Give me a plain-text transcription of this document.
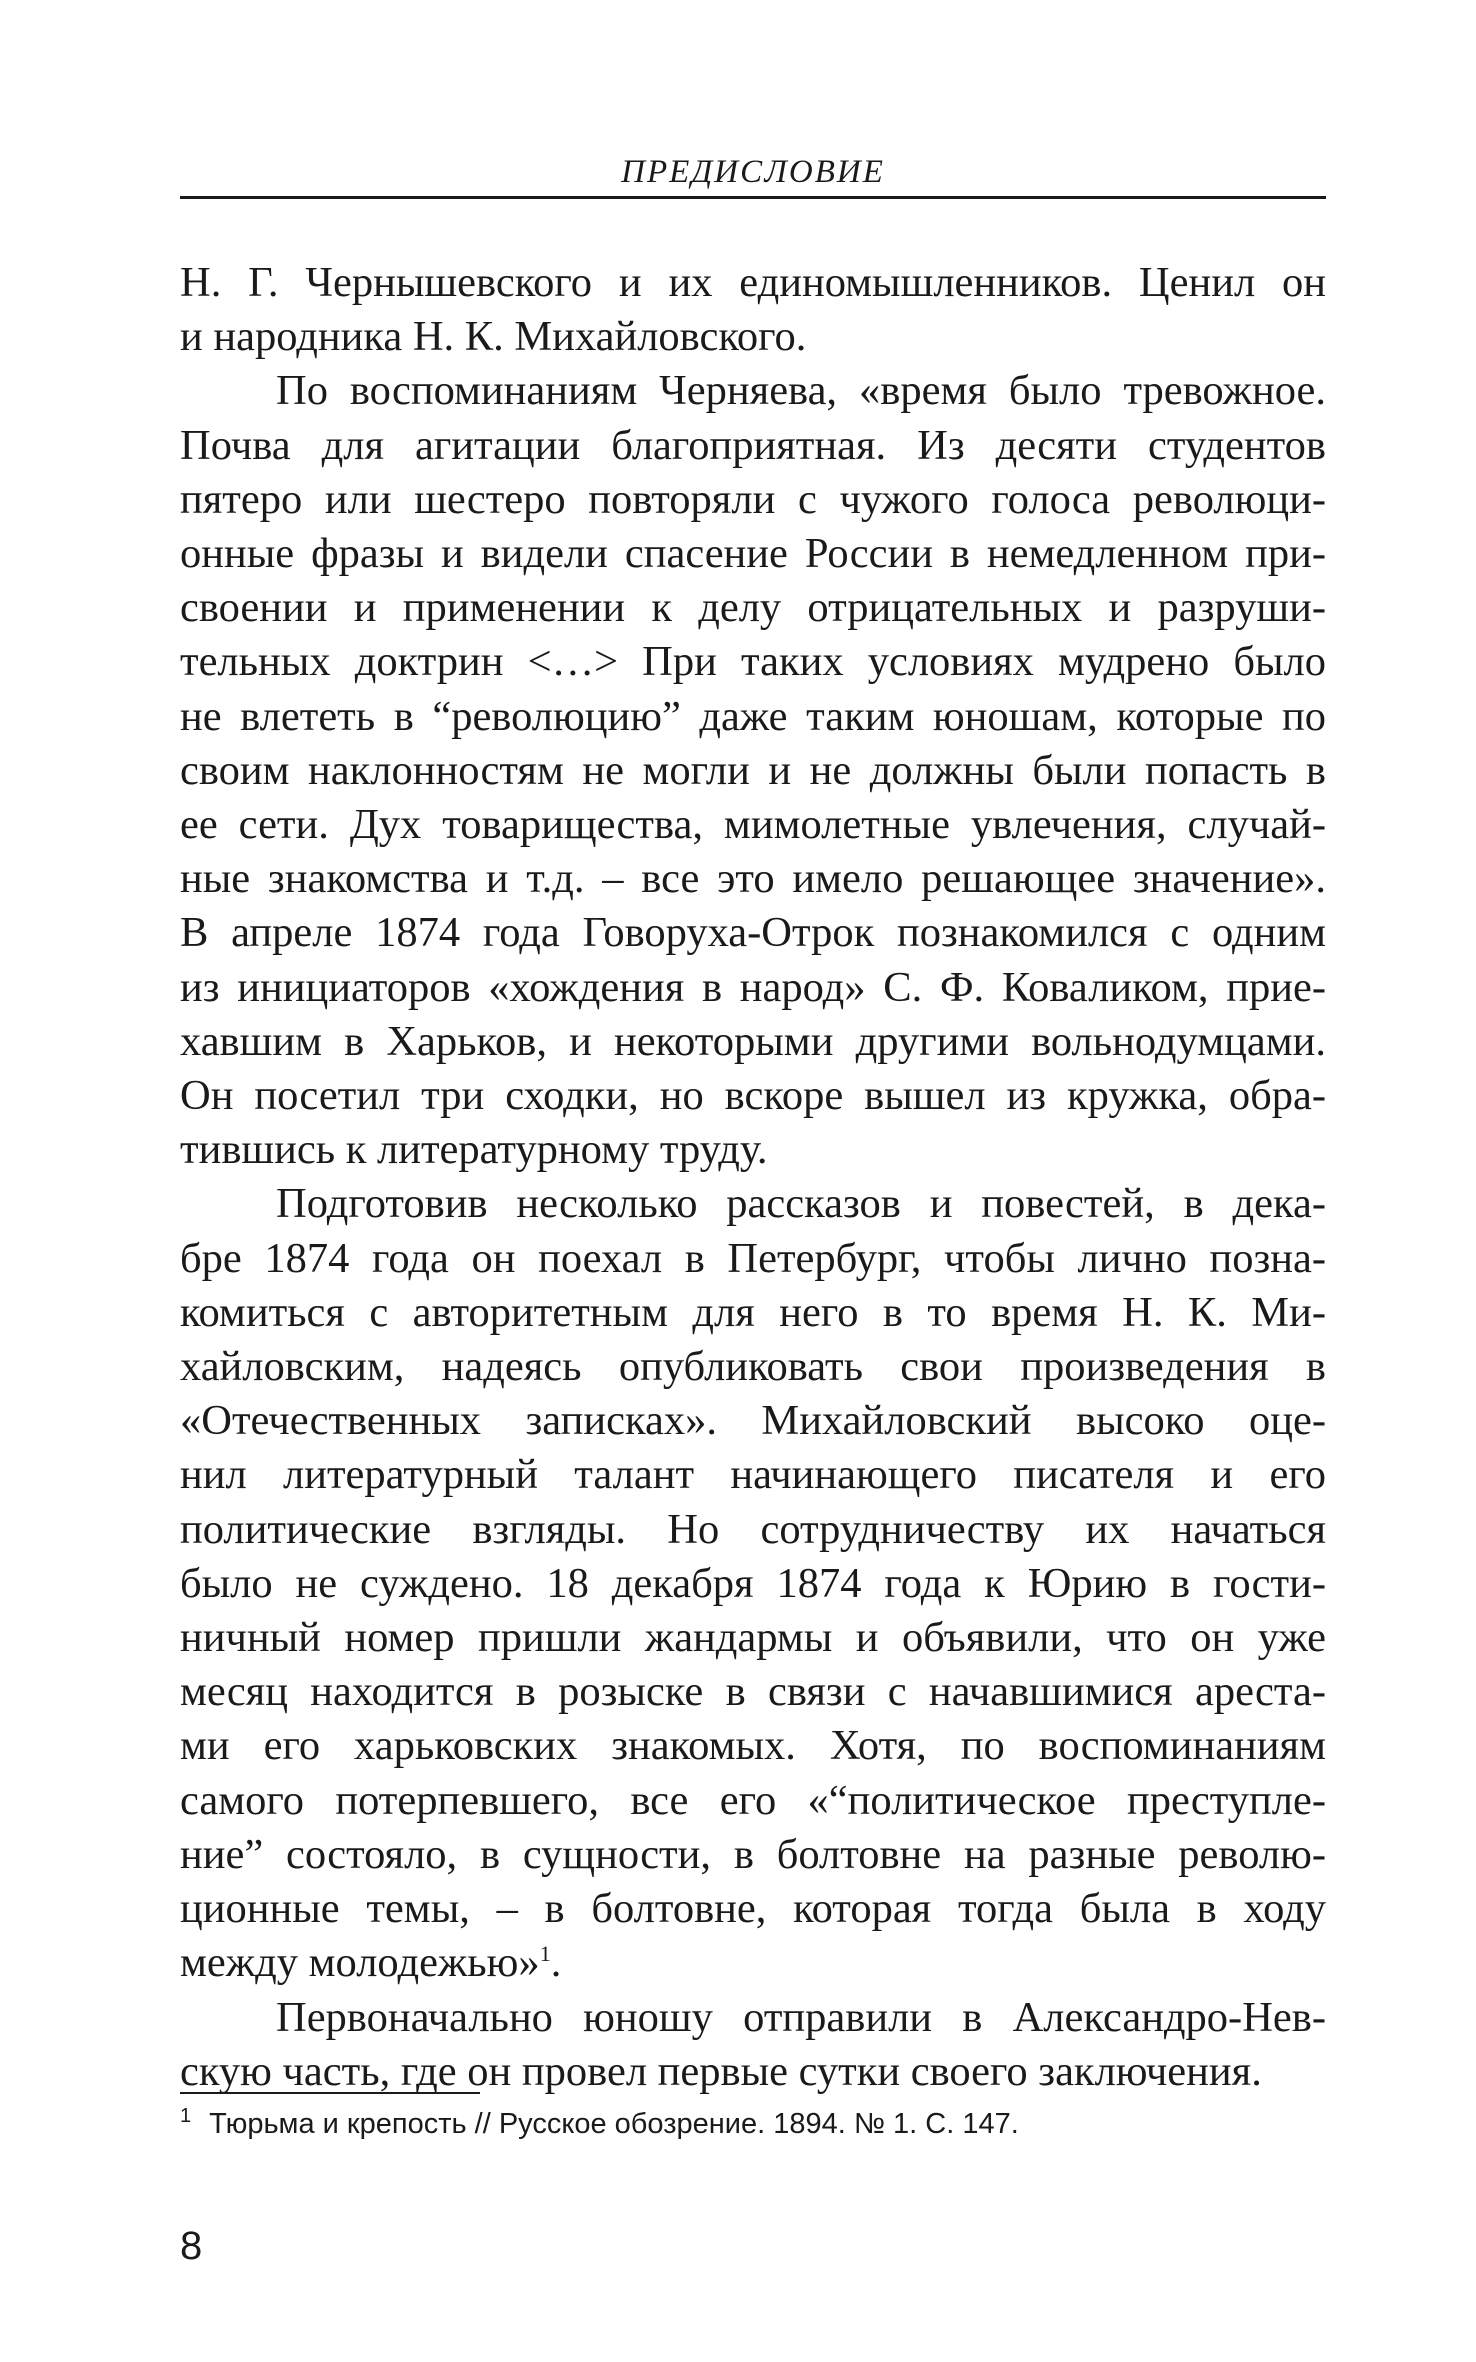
ПРЕДИСЛОВИЕ

Н. Г. Чернышевского и их единомышленников. Ценил он
и народника Н. К. Михайловского.

По воспоминаниям Черняева, «время было тревожное.
Почва для агитации благоприятная. Из десяти студентов
пятеро или шестеро повторяли с чужого голоса революци-
онные фразы и видели спасение России в немедленном при-
своении и применении к делу отрицательных и разруши-
тельных доктрин <…> При таких условиях мудрено было
не влететь в “революцию” даже таким юношам, которые по
своим наклонностям не могли и не должны были попасть в
ее сети. Дух товарищества, мимолетные увлечения, случай-
ные знакомства и т.д. – все это имело решающее значение».
В апреле 1874 года Говоруха-Отрок познакомился с одним
из инициаторов «хождения в народ» С. Ф. Коваликом, прие-
хавшим в Харьков, и некоторыми другими вольнодумцами.
Он посетил три сходки, но вскоре вышел из кружка, обра-
тившись к литературному труду.

Подготовив несколько рассказов и повестей, в дека-
бре 1874 года он поехал в Петербург, чтобы лично позна-
комиться с авторитетным для него в то время Н. К. Ми-
хайловским, надеясь опубликовать свои произведения в
«Отечественных записках». Михайловский высоко оце-
нил литературный талант начинающего писателя и его
политические взгляды. Но сотрудничеству их начаться
было не суждено. 18 декабря 1874 года к Юрию в гости-
ничный номер пришли жандармы и объявили, что он уже
месяц находится в розыске в связи с начавшимися ареста-
ми его харьковских знакомых. Хотя, по воспоминаниям
самого потерпевшего, все его «“политическое преступле-
ние” состояло, в сущности, в болтовне на разные револю-
ционные темы, – в болтовне, которая тогда была в ходу
между молодежью»$^1$.

Первоначально юношу отправили в Александро-Нев-
скую часть, где он провел первые сутки своего заключения.

$^1$ Тюрьма и крепость // Русское обозрение. 1894. № 1. С. 147.
8
